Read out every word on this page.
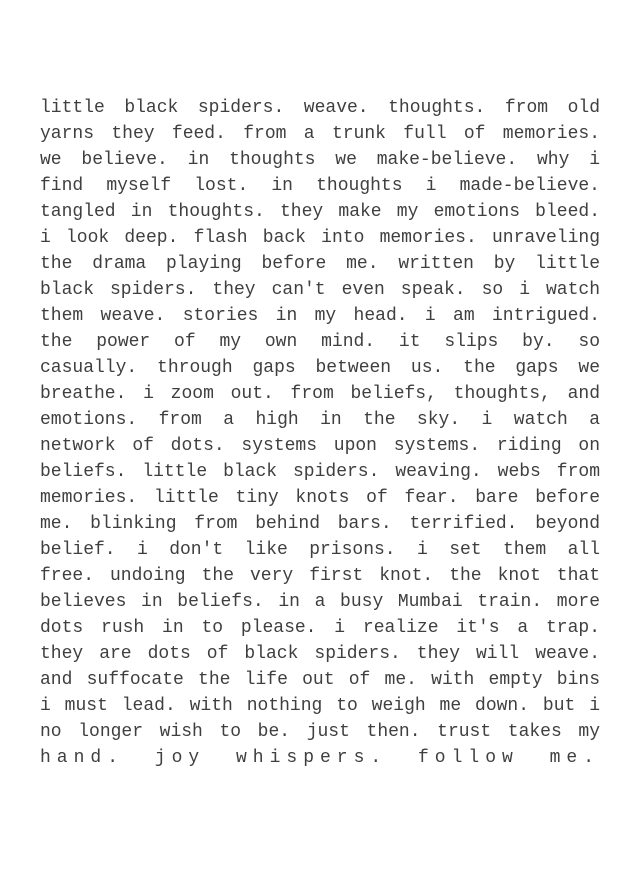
little black spiders. weave. thoughts. from old
yarns they feed. from a trunk full of memories.
we believe. in thoughts we make-believe. why i
find myself lost. in thoughts i made-believe.
tangled in thoughts. they make my emotions bleed.
i look deep. flash back into memories. unraveling
the drama playing before me. written by little
black spiders. they can't even speak. so i watch
them weave. stories in my head. i am intrigued.
the power of my own mind. it slips by. so
casually. through gaps between us. the gaps we
breathe. i zoom out. from beliefs, thoughts, and
emotions. from a high in the sky. i watch a
network of dots. systems upon systems. riding on
beliefs. little black spiders. weaving. webs from
memories. little tiny knots of fear. bare before
me. blinking from behind bars. terrified. beyond
belief. i don't like prisons. i set them all
free. undoing the very first knot. the knot that
believes in beliefs. in a busy Mumbai train. more
dots rush in to please. i realize it's a trap.
they are dots of black spiders. they will weave.
and suffocate the life out of me. with empty bins
i must lead. with nothing to weigh me down. but i
no longer wish to be. just then. trust takes my
hand. joy whispers. follow me.
